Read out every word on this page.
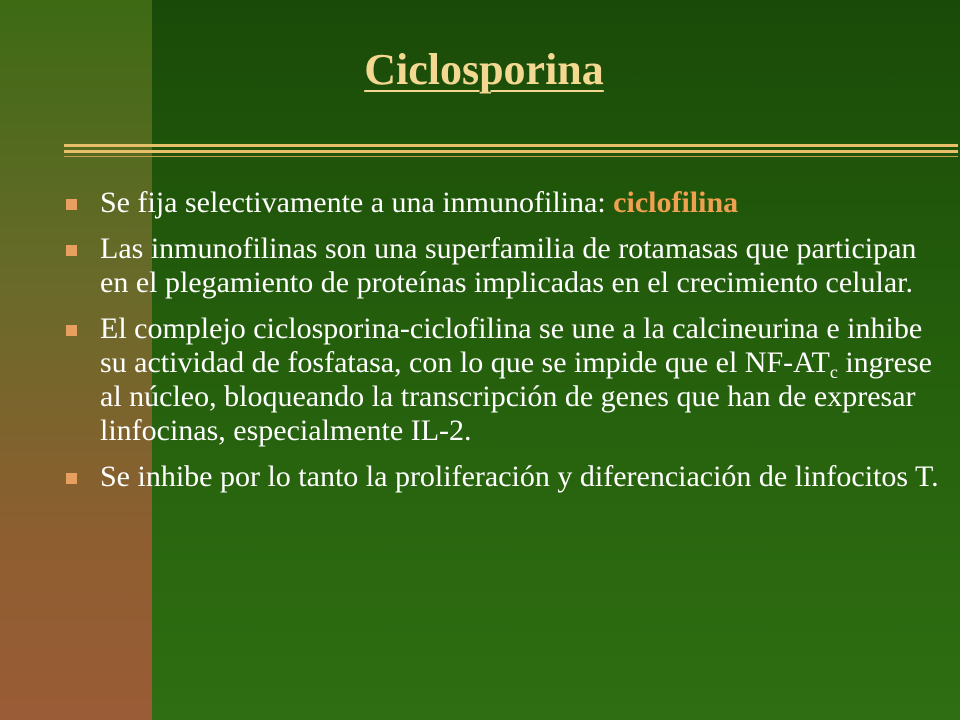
Ciclosporina
Se fija selectivamente a una inmunofilina: ciclofilina
Las inmunofilinas son una superfamilia de rotamasas que participan en el plegamiento de proteínas implicadas en el crecimiento celular.
El complejo ciclosporina-ciclofilina se une a la calcineurina e inhibe su actividad de fosfatasa, con lo que se impide que el $NF-AT_c$ ingrese al núcleo, bloqueando la transcripción de genes que han de expresar linfocinas, especialmente IL-2.
Se inhibe por lo tanto la proliferación y diferenciación de linfocitos T.
